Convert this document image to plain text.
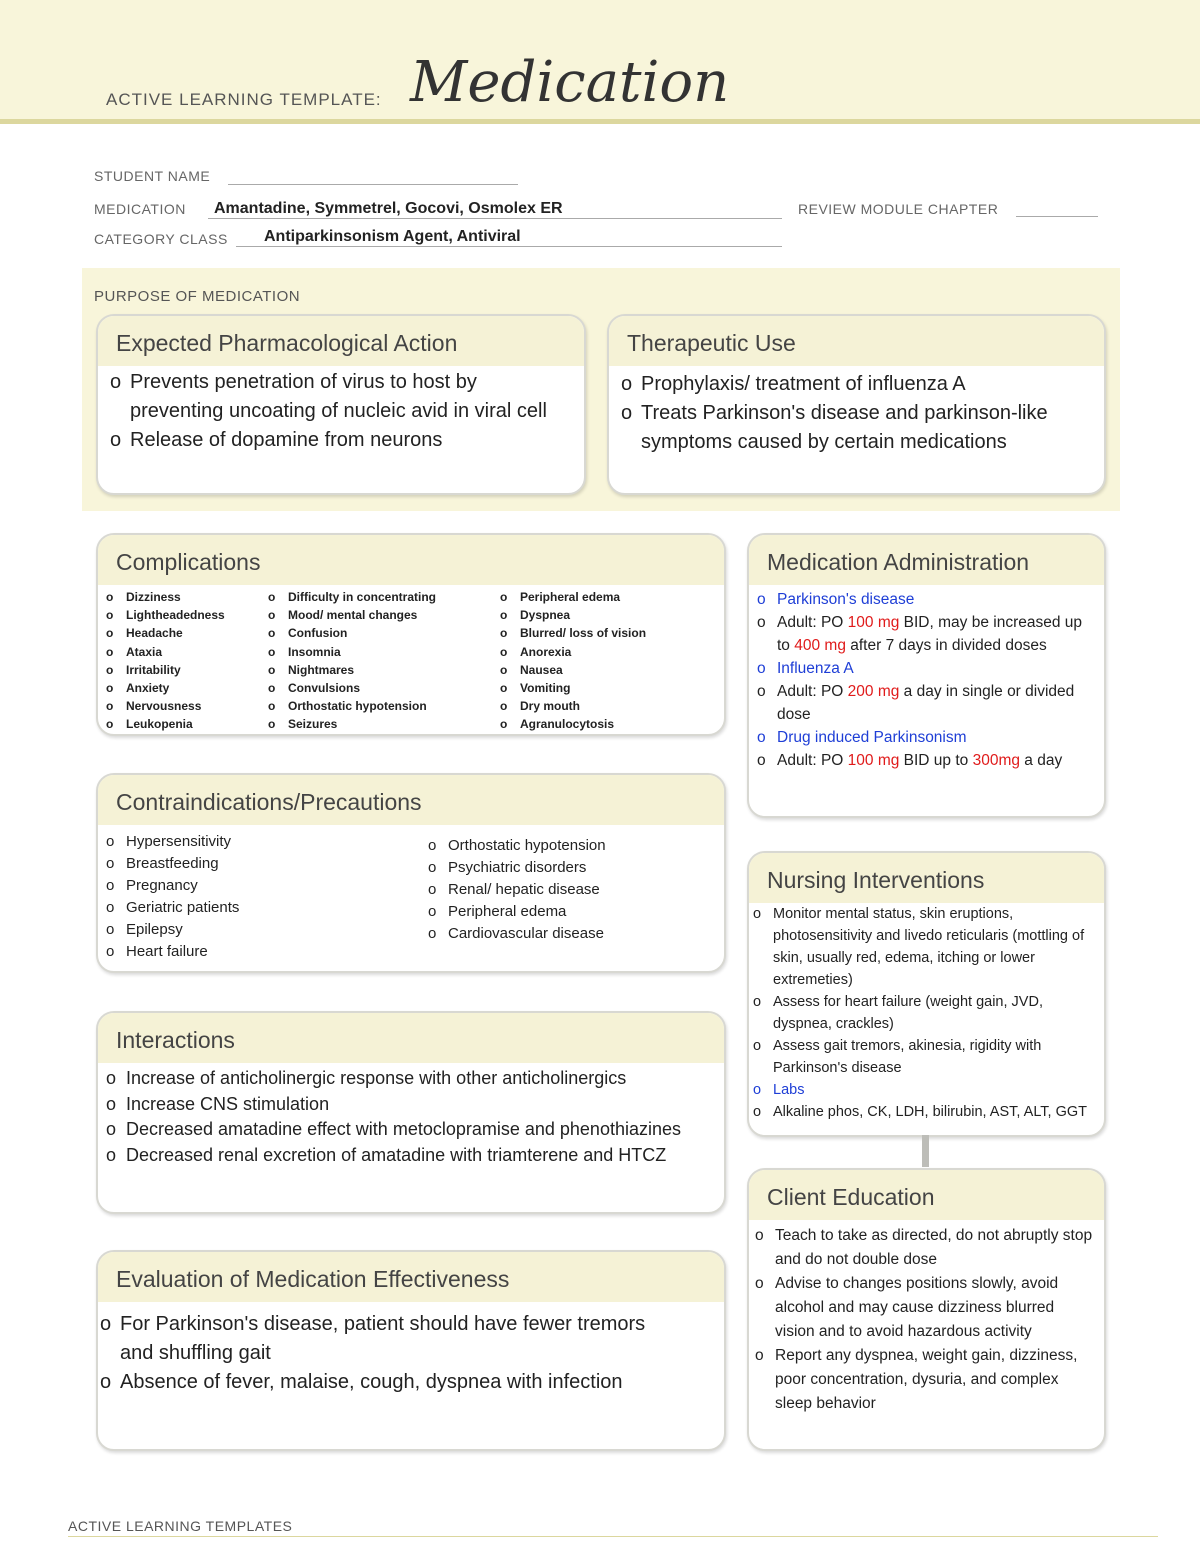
ACTIVE LEARNING TEMPLATE: Medication
STUDENT NAME
MEDICATION Amantadine, Symmetrel, Gocovi, Osmolex ER	REVIEW MODULE CHAPTER
CATEGORY CLASS Antiparkinsonism Agent, Antiviral
PURPOSE OF MEDICATION
Expected Pharmacological Action
o Prevents penetration of virus to host by preventing uncoating of nucleic avid in viral cell
o Release of dopamine from neurons
Therapeutic Use
o Prophylaxis/ treatment of influenza A
o Treats Parkinson's disease and parkinson-like symptoms caused by certain medications
Complications
o Dizziness
o Lightheadedness
o Headache
o Ataxia
o Irritability
o Anxiety
o Nervousness
o Leukopenia
o Difficulty in concentrating
o Mood/ mental changes
o Confusion
o Insomnia
o Nightmares
o Convulsions
o Orthostatic hypotension
o Seizures
o Peripheral edema
o Dyspnea
o Blurred/ loss of vision
o Anorexia
o Nausea
o Vomiting
o Dry mouth
o Agranulocytosis
Contraindications/Precautions
o Hypersensitivity
o Breastfeeding
o Pregnancy
o Geriatric patients
o Epilepsy
o Heart failure
o Orthostatic hypotension
o Psychiatric disorders
o Renal/ hepatic disease
o Peripheral edema
o Cardiovascular disease
Interactions
o Increase of anticholinergic response with other anticholinergics
o Increase CNS stimulation
o Decreased amatadine effect with metoclopramise and phenothiazines
o Decreased renal excretion of amatadine with triamterene and HTCZ
Evaluation of Medication Effectiveness
o For Parkinson's disease, patient should have fewer tremors and shuffling gait
o Absence of fever, malaise, cough, dyspnea with infection
Medication Administration
o Parkinson's disease
o Adult: PO 100 mg BID, may be increased up to 400 mg after 7 days in divided doses
o Influenza A
o Adult: PO 200 mg a day in single or divided dose
o Drug induced Parkinsonism
o Adult: PO 100 mg BID up to 300mg a day
Nursing Interventions
o Monitor mental status, skin eruptions, photosensitivity and livedo reticularis (mottling of skin, usually red, edema, itching or lower extremeties)
o Assess for heart failure (weight gain, JVD, dyspnea, crackles)
o Assess gait tremors, akinesia, rigidity with Parkinson's disease
o Labs
o Alkaline phos, CK, LDH, bilirubin, AST, ALT, GGT
Client Education
o Teach to take as directed, do not abruptly stop and do not double dose
o Advise to changes positions slowly, avoid alcohol and may cause dizziness blurred vision and to avoid hazardous activity
o Report any dyspnea, weight gain, dizziness, poor concentration, dysuria, and complex sleep behavior
ACTIVE LEARNING TEMPLATES
